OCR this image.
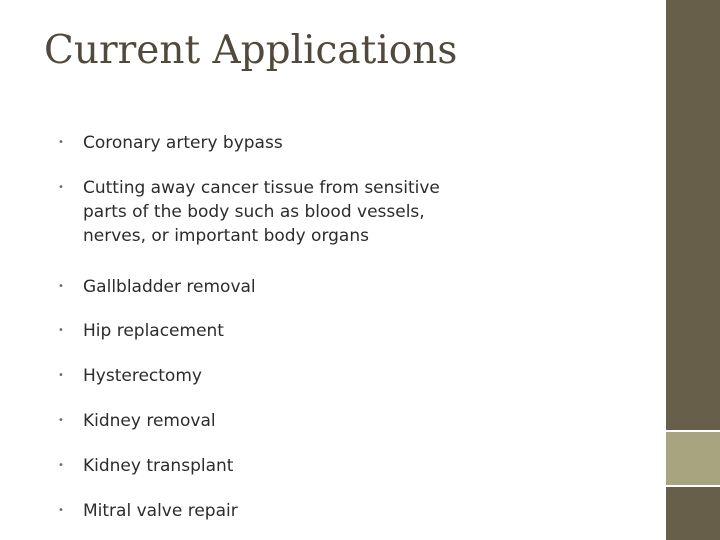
Current Applications
•	Coronary artery bypass
•	Cutting away cancer tissue from sensitive parts of the body such as blood vessels, nerves, or important body organs
•	Gallbladder removal
•	Hip replacement
•	Hysterectomy
•	Kidney removal
•	Kidney transplant
•	Mitral valve repair
